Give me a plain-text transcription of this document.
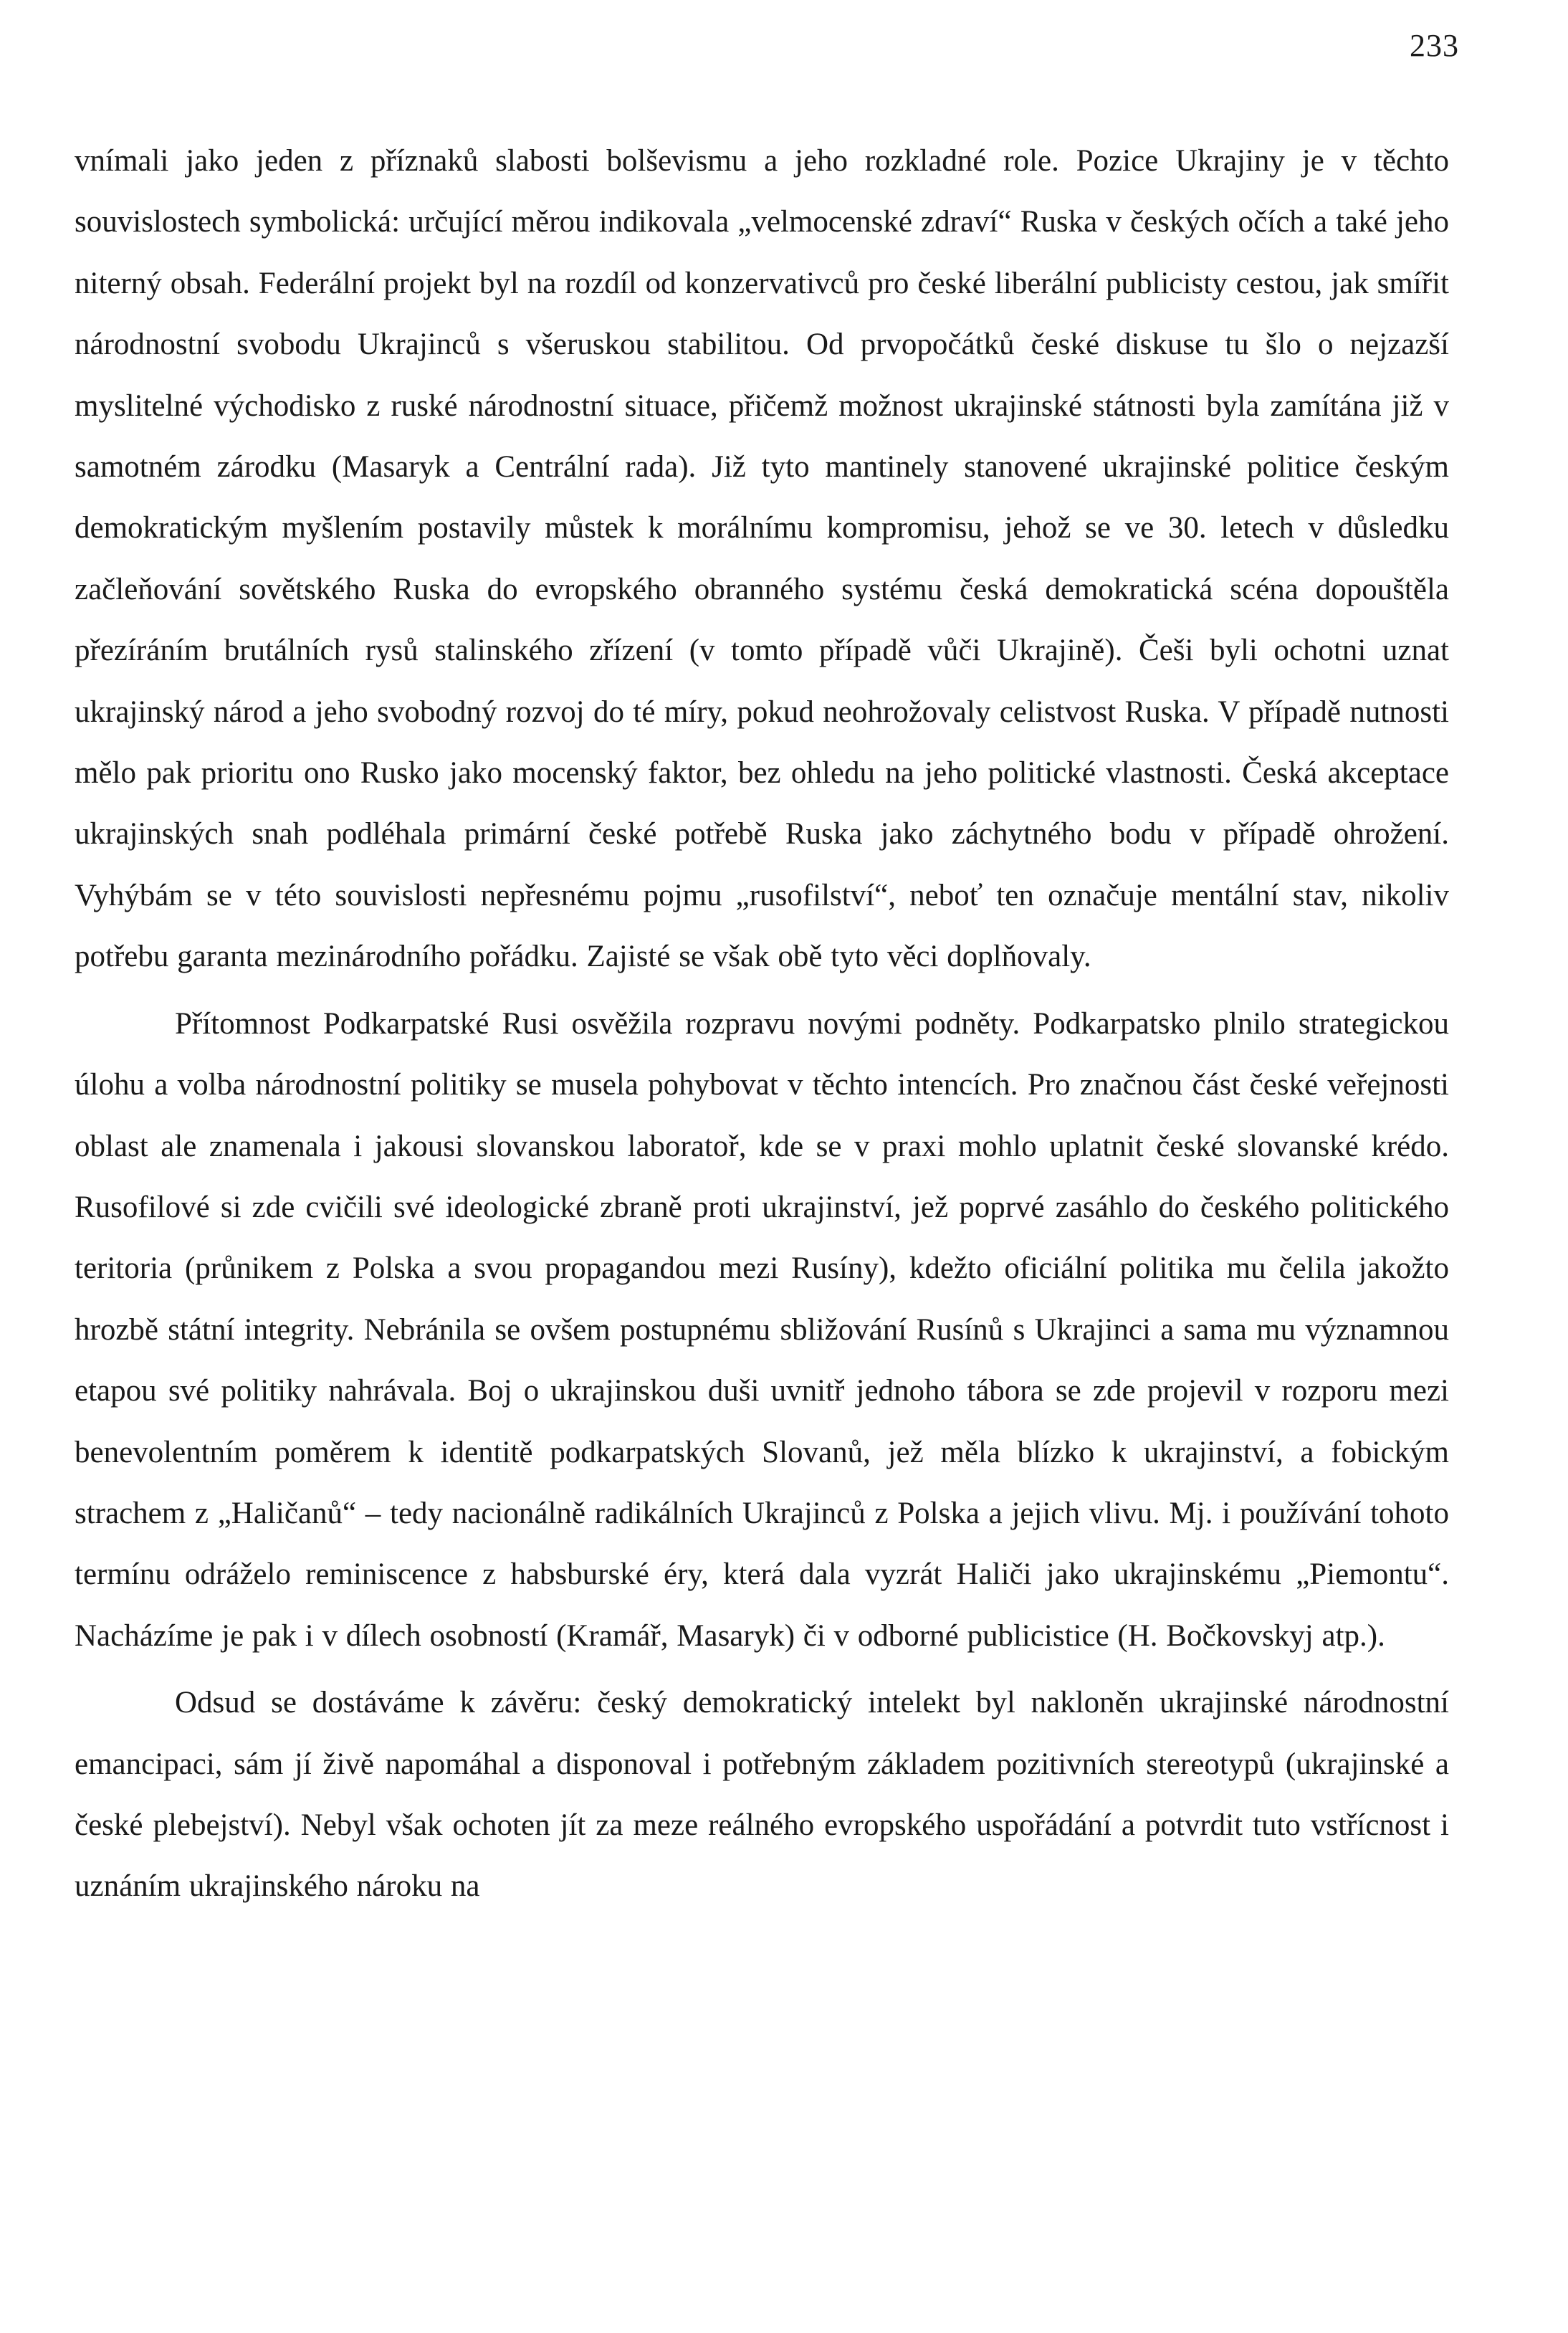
233

vnímali jako jeden z příznaků slabosti bolševismu a jeho rozkladné role. Pozice Ukrajiny je v těchto souvislostech symbolická: určující měrou indikovala „velmocenské zdraví“ Ruska v českých očích a také jeho niterný obsah. Federální projekt byl na rozdíl od konzervativců pro české liberální publicisty cestou, jak smířit národnostní svobodu Ukrajinců s všeruskou stabilitou. Od prvopočátků české diskuse tu šlo o nejzazší myslitelné východisko z ruské národnostní situace, přičemž možnost ukrajinské státnosti byla zamítána již v samotném zárodku (Masaryk a Centrální rada). Již tyto mantinely stanovené ukrajinské politice českým demokratickým myšlením postavily můstek k morálnímu kompromisu, jehož se ve 30. letech v důsledku začleňování sovětského Ruska do evropského obranného systému česká demokratická scéna dopouštěla přezíráním brutálních rysů stalinského zřízení (v tomto případě vůči Ukrajině). Češi byli ochotni uznat ukrajinský národ a jeho svobodný rozvoj do té míry, pokud neohrožovaly celistvost Ruska. V případě nutnosti mělo pak prioritu ono Rusko jako mocenský faktor, bez ohledu na jeho politické vlastnosti. Česká akceptace ukrajinských snah podléhala primární české potřebě Ruska jako záchytného bodu v případě ohrožení. Vyhýbám se v této souvislosti nepřesnému pojmu „rusofilství“, neboť ten označuje mentální stav, nikoliv potřebu garanta mezinárodního pořádku. Zajisté se však obě tyto věci doplňovaly.

Přítomnost Podkarpatské Rusi osvěžila rozpravu novými podněty. Podkarpatsko plnilo strategickou úlohu a volba národnostní politiky se musela pohybovat v těchto intencích. Pro značnou část české veřejnosti oblast ale znamenala i jakousi slovanskou laboratoř, kde se v praxi mohlo uplatnit české slovanské krédo. Rusofilové si zde cvičili své ideologické zbraně proti ukrajinství, jež poprvé zasáhlo do českého politického teritoria (průnikem z Polska a svou propagandou mezi Rusíny), kdežto oficiální politika mu čelila jakožto hrozbě státní integrity. Nebránila se ovšem postupnému sbližování Rusínů s Ukrajinci a sama mu významnou etapou své politiky nahrávala. Boj o ukrajinskou duši uvnitř jednoho tábora se zde projevil v rozporu mezi benevolentním poměrem k identitě podkarpatských Slovanů, jež měla blízko k ukrajinství, a fobickým strachem z „Haličanů“ – tedy nacionálně radikálních Ukrajinců z Polska a jejich vlivu. Mj. i používání tohoto termínu odráželo reminiscence z habsburské éry, která dala vyzrát Haliči jako ukrajinskému „Piemontu“. Nacházíme je pak i v dílech osobností (Kramář, Masaryk) či v odborné publicistice (H. Bočkovskyj atp.).

Odsud se dostáváme k závěru: český demokratický intelekt byl nakloněn ukrajinské národnostní emancipaci, sám jí živě napomáhal a disponoval i potřebným základem pozitivních stereotypů (ukrajinské a české plebejství). Nebyl však ochoten jít za meze reálného evropského uspořádání a potvrdit tuto vstřícnost i uznáním ukrajinského nároku na
